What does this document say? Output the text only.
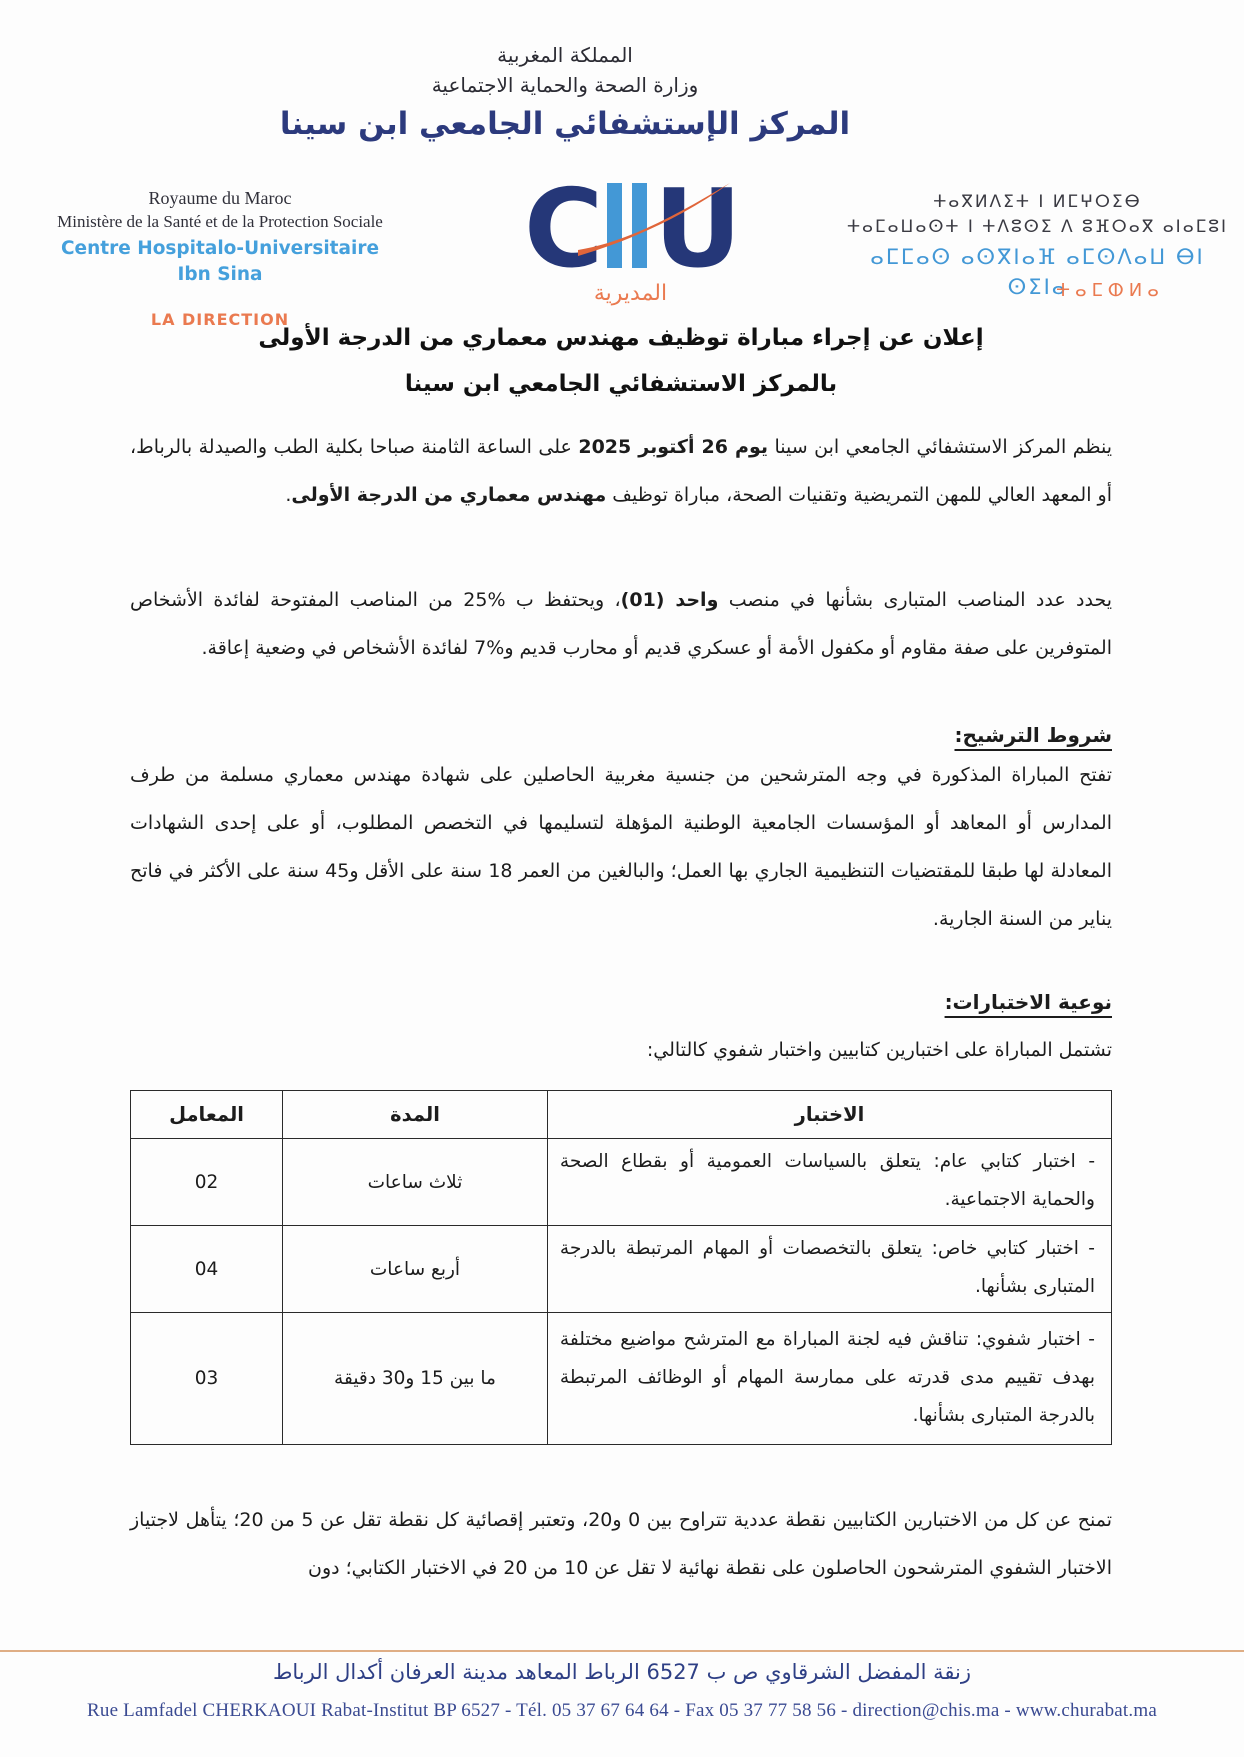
المملكة المغربية
وزارة الصحة والحماية الاجتماعية
المركز الإستشفائي الجامعي ابن سينا
Royaume du Maroc
Ministère de la Santé et de la Protection Sociale
Centre Hospitalo-Universitaire Ibn Sina
LA DIRECTION
C U
المديرية
ⵜⴰⴳⵍⴷⵉⵜ ⵏ ⵍⵎⵖⵔⵉⴱ
ⵜⴰⵎⴰⵡⴰⵙⵜ ⵏ ⵜⴷⵓⵙⵉ ⴷ ⵓⴼⵔⴰⴳ ⴰⵏⴰⵎⵓⵏ
ⴰⵎⵎⴰⵙ ⴰⵙⴳⵏⴰⴼ ⴰⵎⵙⴷⴰⵡ ⴱⵏ ⵙⵉⵏⴰ
ⵜⴰⵎⵀⵍⴰ
إعلان عن إجراء مباراة توظيف مهندس معماري من الدرجة الأولى
بالمركز الاستشفائي الجامعي ابن سينا

ينظم المركز الاستشفائي الجامعي ابن سينا يوم 26 أكتوبر 2025 على الساعة الثامنة صباحا بكلية الطب والصيدلة بالرباط، أو المعهد العالي للمهن التمريضية وتقنيات الصحة، مباراة توظيف مهندس معماري من الدرجة الأولى.

يحدد عدد المناصب المتبارى بشأنها في منصب واحد (01)، ويحتفظ ب %25 من المناصب المفتوحة لفائدة الأشخاص المتوفرين على صفة مقاوم أو مكفول الأمة أو عسكري قديم أو محارب قديم و%7 لفائدة الأشخاص في وضعية إعاقة.

شروط الترشيح:

تفتح المباراة المذكورة في وجه المترشحين من جنسية مغربية الحاصلين على شهادة مهندس معماري مسلمة من طرف المدارس أو المعاهد أو المؤسسات الجامعية الوطنية المؤهلة لتسليمها في التخصص المطلوب، أو على إحدى الشهادات المعادلة لها طبقا للمقتضيات التنظيمية الجاري بها العمل؛ والبالغين من العمر 18 سنة على الأقل و45 سنة على الأكثر في فاتح يناير من السنة الجارية.

نوعية الاختبارات:

تشتمل المباراة على اختبارين كتابيين واختبار شفوي كالتالي:

الاختبار	المدة	المعامل
- اختبار كتابي عام: يتعلق بالسياسات العمومية أو بقطاع الصحة والحماية الاجتماعية.	ثلاث ساعات	02
- اختبار كتابي خاص: يتعلق بالتخصصات أو المهام المرتبطة بالدرجة المتبارى بشأنها.	أربع ساعات	04
- اختبار شفوي: تناقش فيه لجنة المباراة مع المترشح مواضيع مختلفة بهدف تقييم مدى قدرته على ممارسة المهام أو الوظائف المرتبطة بالدرجة المتبارى بشأنها.	ما بين 15 و30 دقيقة	03

تمنح عن كل من الاختبارين الكتابيين نقطة عددية تتراوح بين 0 و20، وتعتبر إقصائية كل نقطة تقل عن 5 من 20؛ يتأهل لاجتياز الاختبار الشفوي المترشحون الحاصلون على نقطة نهائية لا تقل عن 10 من 20 في الاختبار الكتابي؛ دون

زنقة المفضل الشرقاوي ص ب 6527 الرباط المعاهد مدينة العرفان أكدال الرباط
Rue Lamfadel CHERKAOUI Rabat-Institut BP 6527 - Tél. 05 37 67 64 64 - Fax 05 37 77 58 56 - direction@chis.ma - www.churabat.ma
